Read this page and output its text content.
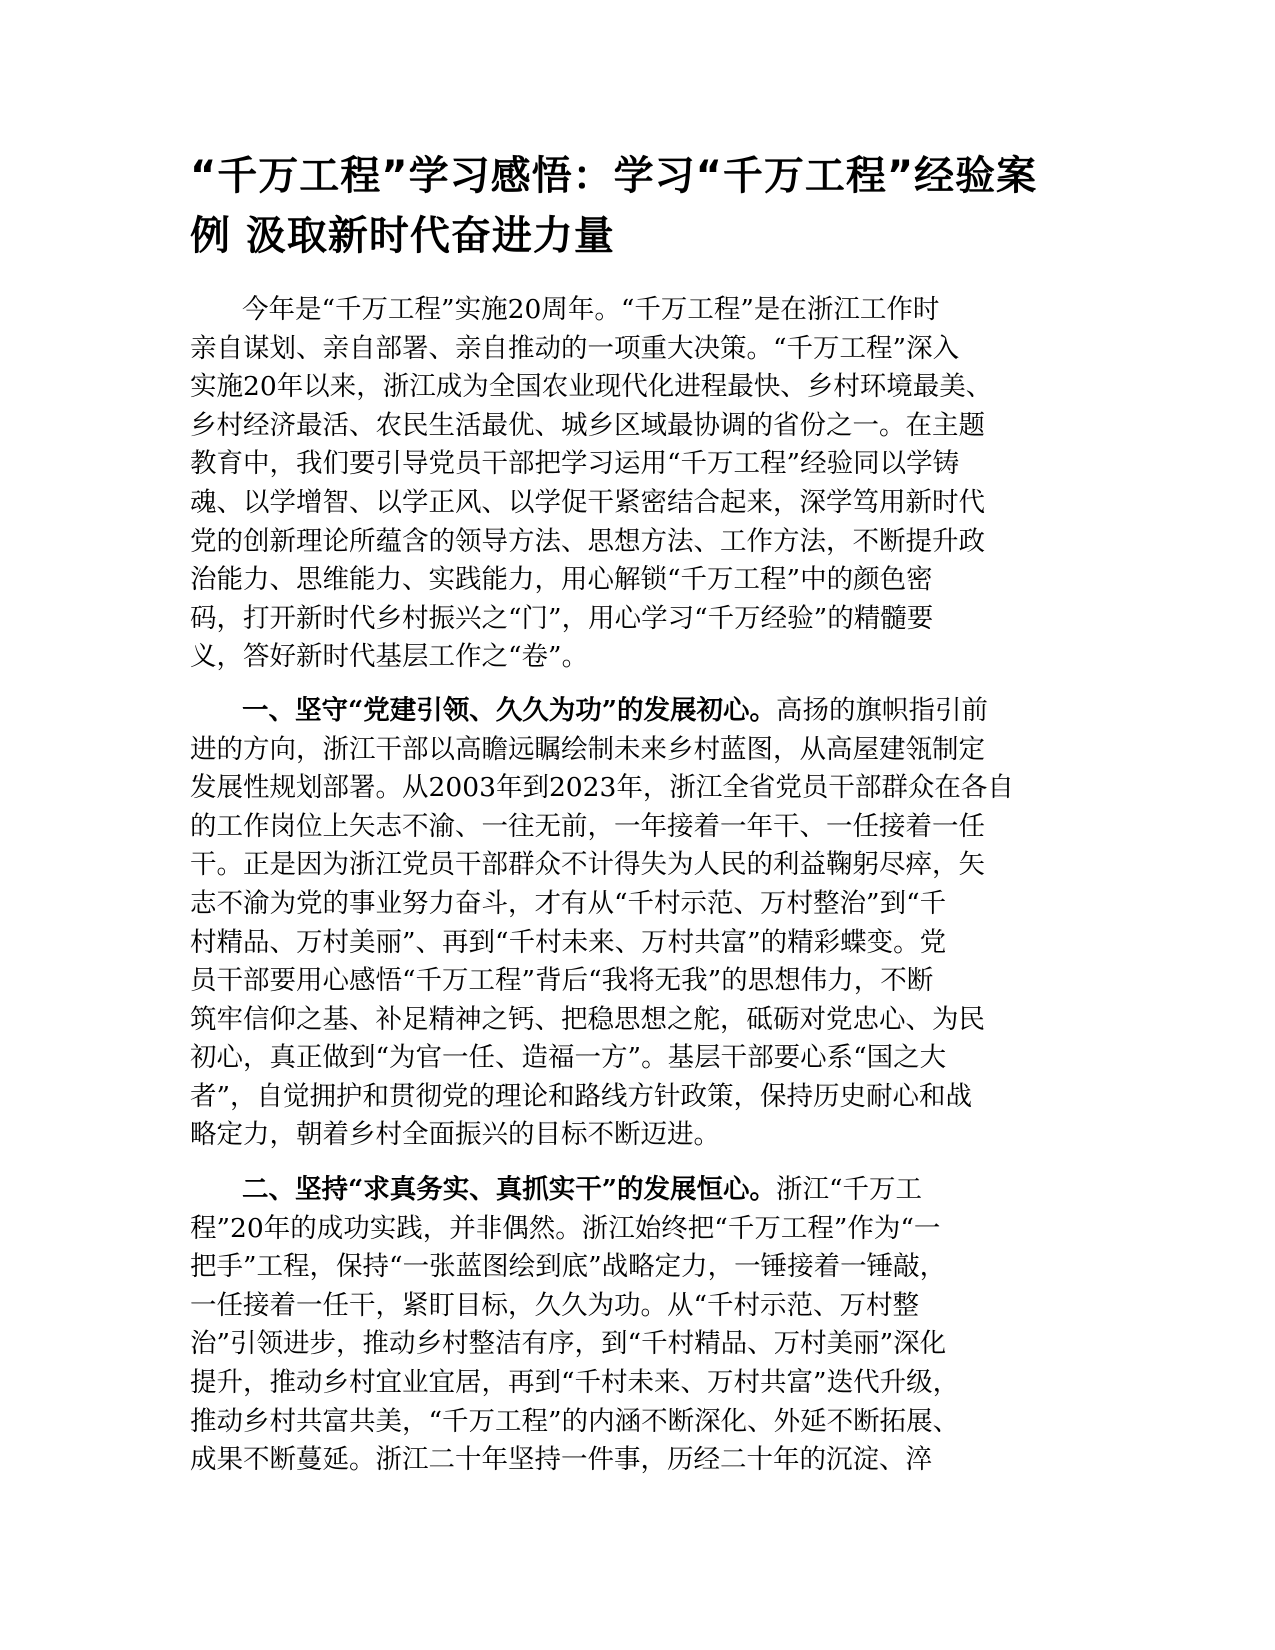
“千万工程”学习感悟：学习“千万工程”经验案
例 汲取新时代奋进力量

今年是“千万工程”实施20周年。“千万工程”是在浙江工作时
亲自谋划、亲自部署、亲自推动的一项重大决策。“千万工程”深入
实施20年以来，浙江成为全国农业现代化进程最快、乡村环境最美、
乡村经济最活、农民生活最优、城乡区域最协调的省份之一。在主题
教育中，我们要引导党员干部把学习运用“千万工程”经验同以学铸
魂、以学增智、以学正风、以学促干紧密结合起来，深学笃用新时代
党的创新理论所蕴含的领导方法、思想方法、工作方法，不断提升政
治能力、思维能力、实践能力，用心解锁“千万工程”中的颜色密
码，打开新时代乡村振兴之“门”，用心学习“千万经验”的精髓要
义，答好新时代基层工作之“卷”。

一、坚守“党建引领、久久为功”的发展初心。高扬的旗帜指引前
进的方向，浙江干部以高瞻远瞩绘制未来乡村蓝图，从高屋建瓴制定
发展性规划部署。从2003年到2023年，浙江全省党员干部群众在各自
的工作岗位上矢志不渝、一往无前，一年接着一年干、一任接着一任
干。正是因为浙江党员干部群众不计得失为人民的利益鞠躬尽瘁，矢
志不渝为党的事业努力奋斗，才有从“千村示范、万村整治”到“千
村精品、万村美丽”、再到“千村未来、万村共富”的精彩蝶变。党
员干部要用心感悟“千万工程”背后“我将无我”的思想伟力，不断
筑牢信仰之基、补足精神之钙、把稳思想之舵，砥砺对党忠心、为民
初心，真正做到“为官一任、造福一方”。基层干部要心系“国之大
者”，自觉拥护和贯彻党的理论和路线方针政策，保持历史耐心和战
略定力，朝着乡村全面振兴的目标不断迈进。

二、坚持“求真务实、真抓实干”的发展恒心。浙江“千万工
程”20年的成功实践，并非偶然。浙江始终把“千万工程”作为“一
把手”工程，保持“一张蓝图绘到底”战略定力，一锤接着一锤敲，
一任接着一任干，紧盯目标，久久为功。从“千村示范、万村整
治”引领进步，推动乡村整洁有序，到“千村精品、万村美丽”深化
提升，推动乡村宜业宜居，再到“千村未来、万村共富”迭代升级，
推动乡村共富共美，“千万工程”的内涵不断深化、外延不断拓展、
成果不断蔓延。浙江二十年坚持一件事，历经二十年的沉淀、淬
